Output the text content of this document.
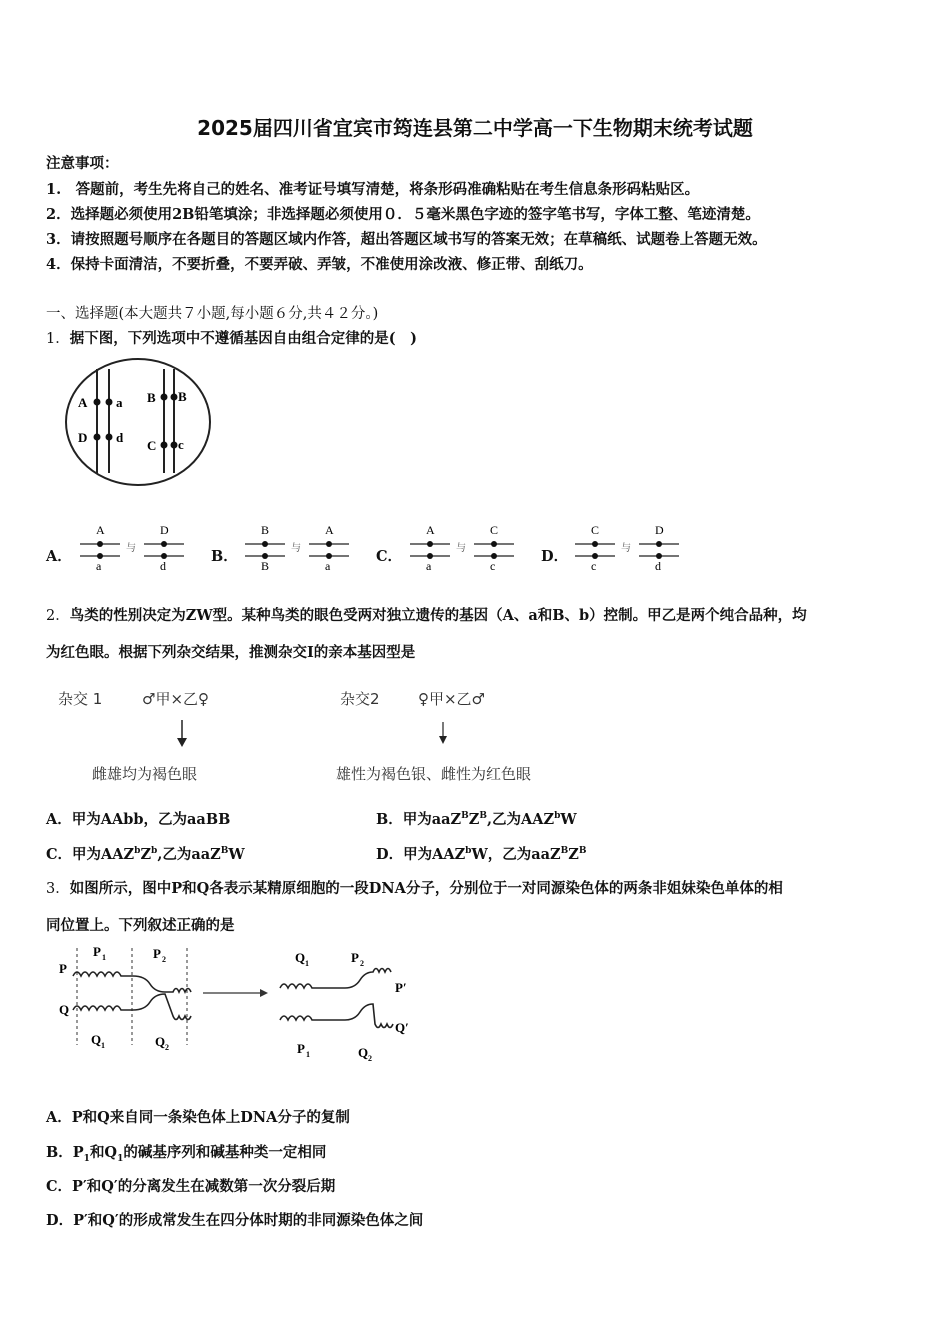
2025届四川省宜宾市筠连县第二中学高一下生物期末统考试题
注意事项：
1.　答题前，考生先将自己的姓名、准考证号填写清楚，将条形码准确粘贴在考生信息条形码粘贴区。
2．选择题必须使用2B铅笔填涂；非选择题必须使用０．５毫米黑色字迹的签字笔书写，字体工整、笔迹清楚。
3．请按照题号顺序在各题目的答题区域内作答，超出答题区域书写的答案无效；在草稿纸、试题卷上答题无效。
4．保持卡面清洁，不要折叠，不要弄破、弄皱，不准使用涂改液、修正带、刮纸刀。
一、选择题(本大题共７小题,每小题６分,共４２分。)
1．据下图，下列选项中不遵循基因自由组合定律的是(　)
A a
D d
B B
C c
A．
A
a
D
d
与	B．
B
B
A
a
与	C．
A
a
C
c
与	D．
C
c
D
d
与
2．鸟类的性别决定为ZW型。某种鸟类的眼色受两对独立遗传的基因（A、a和B、b）控制。甲乙是两个纯合品种，均
为红色眼。根据下列杂交结果，推测杂交Ⅰ的亲本基因型是
杂交 1	♂甲×乙♀
雌雄均为褐色眼
杂交2	♀甲×乙♂
雄性为褐色银、雌性为红色眼
A．甲为AAbb，乙为aaBB	B．甲为$aaZ^BZ^B$,乙为AAZ$^b$W
C．甲为$AAZ^bZ^b$,乙为aaZ$^B$W	D．甲为AAZ$^b$W，乙为$aaZ^BZ^B$
3．如图所示，图中P和Q各表示某精原细胞的一段DNA分子，分别位于一对同源染色体的两条非姐妹染色单体的相
同位置上。下列叙述正确的是
P
Q
P 1	P 2
Q 1	Q 2
Q 1	P 2
P′
Q′
P 1	Q 2
A．P和Q来自同一条染色体上DNA分子的复制
B．$P_1$和$Q_1$的碱基序列和碱基种类一定相同
C．P′和Q′的分离发生在减数第一次分裂后期
D．P′和Q′的形成常发生在四分体时期的非同源染色体之间
